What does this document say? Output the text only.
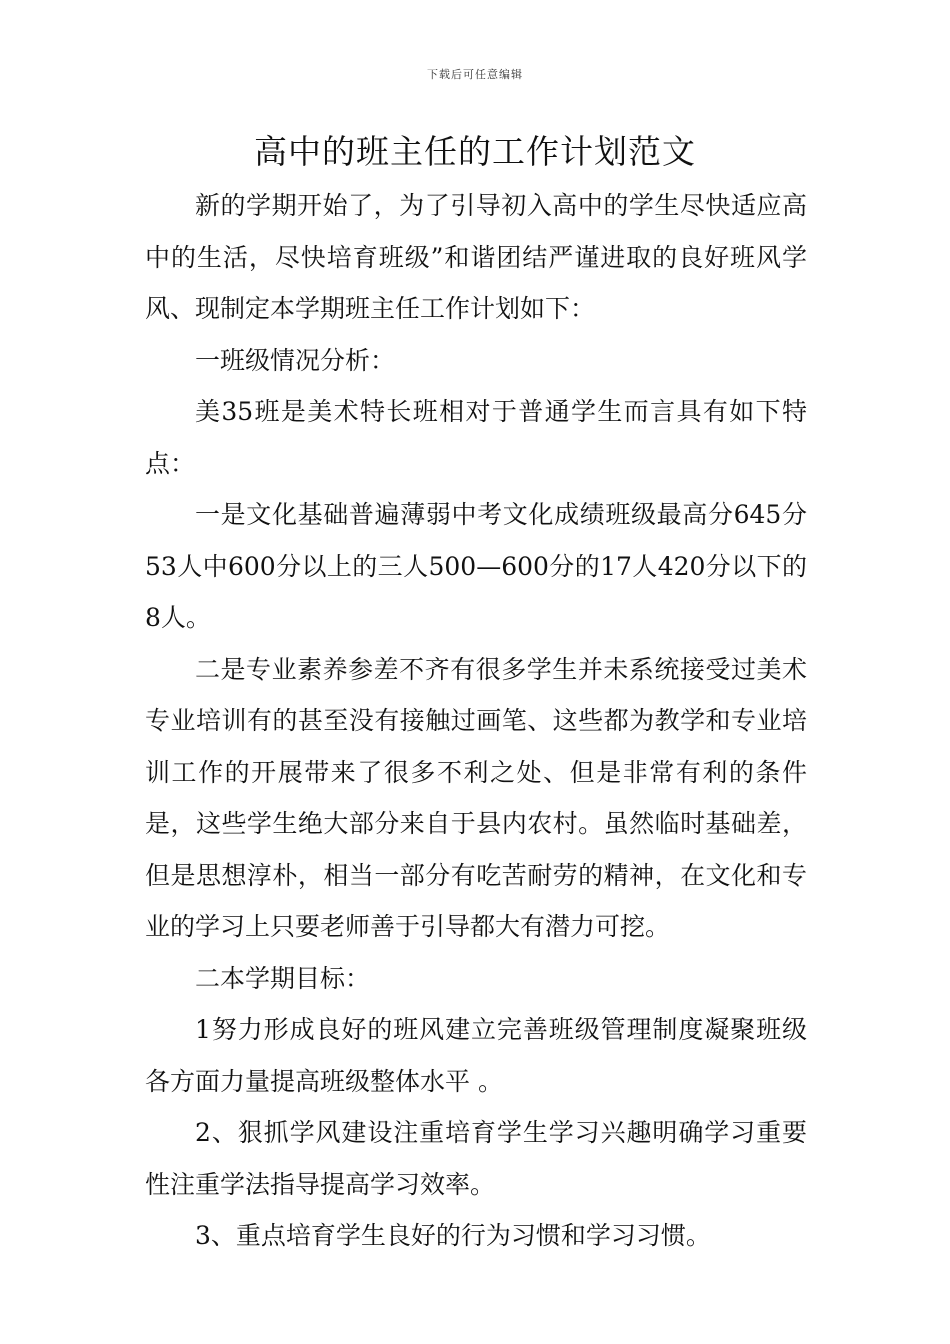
下载后可任意编辑
高中的班主任的工作计划范文

新的学期开始了，为了引导初入高中的学生尽快适应高中的生活，尽快培育班级”和谐团结严谨进取的良好班风学风、现制定本学期班主任工作计划如下：

一班级情况分析：

美35班是美术特长班相对于普通学生而言具有如下特点：

一是文化基础普遍薄弱中考文化成绩班级最高分645分53人中600分以上的三人500—600分的17人420分以下的8人。

二是专业素养参差不齐有很多学生并未系统接受过美术专业培训有的甚至没有接触过画笔、这些都为教学和专业培训工作的开展带来了很多不利之处、但是非常有利的条件是，这些学生绝大部分来自于县内农村。虽然临时基础差，但是思想淳朴，相当一部分有吃苦耐劳的精神，在文化和专业的学习上只要老师善于引导都大有潜力可挖。

二本学期目标：

1努力形成良好的班风建立完善班级管理制度凝聚班级各方面力量提高班级整体水平 。

2、狠抓学风建设注重培育学生学习兴趣明确学习重要性注重学法指导提高学习效率。

3、重点培育学生良好的行为习惯和学习习惯。
